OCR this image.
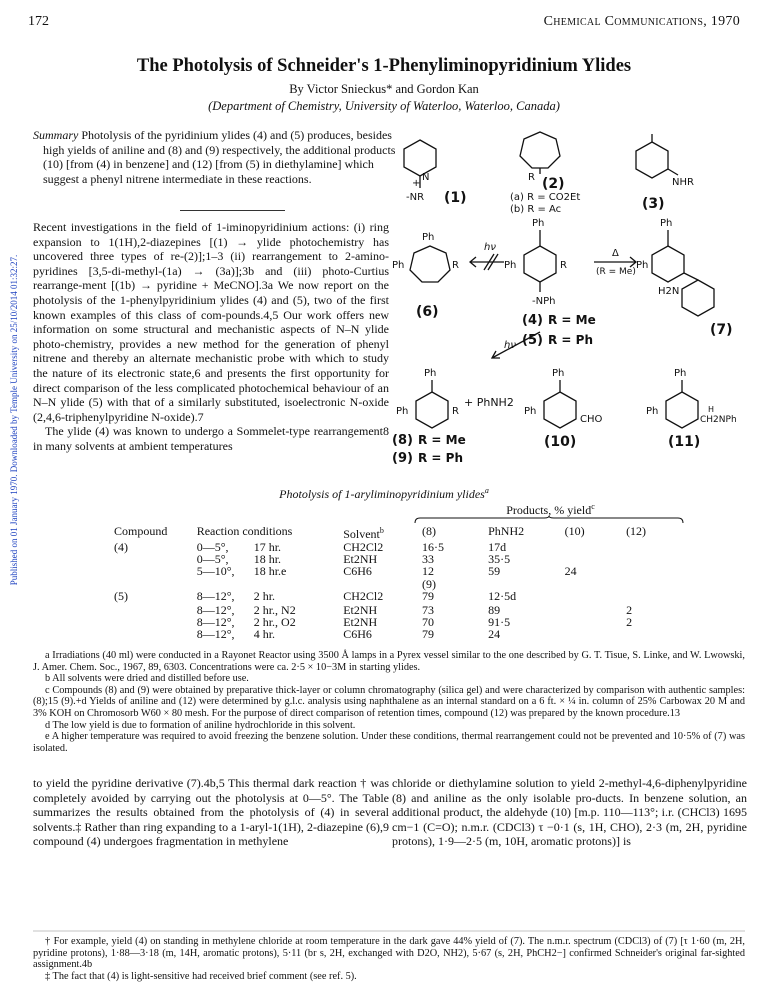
172	Chemical Communications, 1970
Published on 01 January 1970. Downloaded by Temple University on 25/10/2014 01:32:27.
The Photolysis of Schneider's 1-Phenyliminopyridinium Ylides
By Victor Snieckus* and Gordon Kan
(Department of Chemistry, University of Waterloo, Waterloo, Canada)
Summary Photolysis of the pyridinium ylides (4) and (5) produces, besides high yields of aniline and (8) and (9) respectively, the additional products (10) [from (4) in benzene] and (12) [from (5) in diethylamine] which suggest a phenyl nitrene intermediate in these reactions.

Recent investigations in the field of 1-iminopyridinium actions: (i) ring expansion to 1(1H),2-diazepines [(1) → ylide photochemistry has uncovered three types of re-(2)];1–3 (ii) rearrangement to 2-amino-pyridines [3,5-di-methyl-(1a) → (3a)];3b and (iii) photo-Curtius rearrange-ment [(1b) → pyridine + MeCNO].3a We now report on the photolysis of the 1-phenylpyridinium ylides (4) and (5), two of the first known examples of this class of com-pounds.4,5 Our work offers new information on some structural and mechanistic aspects of N–N ylide photo-chemistry, provides a new method for the generation of phenyl nitrene and thereby an alternate mechanistic probe with which to study the nature of its electronic state,6 and presents the first opportunity for direct comparison of the less complicated photochemical behaviour of an N–N ylide (5) with that of a similarly substituted, isoelectronic N-oxide (2,4,6-triphenylpyridine N-oxide).7

The ylide (4) was known to undergo a Sommelet-type rearrangement8 in many solvents at ambient temperatures

+
N
-NR (1)
R (2)
(a) R = CO2Et
(b) R = Ac
NHR
(3)
Ph
Ph	R
(6)
hν
Ph
Ph	R
-NPh
(4) R = Me
(5) R = Ph
Δ
(R = Me)
hν
Ph
Ph
H2N
(7)
Ph
Ph	R
+ PhNH2
(8) R = Me
(9) R = Ph
Ph
Ph
CHO
(10)
Ph
Ph	H
CH2NPh
(11)
Photolysis of 1-aryliminopyridinium ylides$^a$
Products, % yield$^c$
Compound	Reaction conditions		Solvent$^b$	(8)	PhNH2	(10)	(12)
(4)	0—5°,	17 hr.	CH2Cl2	16·5	17d		
	0—5°,	18 hr.	Et2NH	33	35·5		
	5—10°,	18 hr.e	C6H6	12	59	24	
				(9)			
(5)	8—12°,	2 hr.	CH2Cl2	79	12·5d		
	8—12°,	2 hr., N2	Et2NH	73	89		2
	8—12°,	2 hr., O2	Et2NH	70	91·5		2
	8—12°,	4 hr.	C6H6	79	24		

a Irradiations (40 ml) were conducted in a Rayonet Reactor using 3500 Å lamps in a Pyrex vessel similar to the one described by G. T. Tisue, S. Linke, and W. Lwowski, J. Amer. Chem. Soc., 1967, 89, 6303. Concentrations were ca. 2·5 × 10−3M in starting ylides.

b All solvents were dried and distilled before use.

c Compounds (8) and (9) were obtained by preparative thick-layer or column chromatography (silica gel) and were characterized by comparison with authentic samples: (8);15 (9).+d Yields of aniline and (12) were determined by g.l.c. analysis using naphthalene as an internal standard on a 6 ft. × ¼ in. column of 25% Carbowax 20 M and 3% KOH on Chromosorb W60 × 80 mesh. For the purpose of direct comparison of retention times, compound (12) was prepared by the known procedure.13

d The low yield is due to formation of aniline hydrochloride in this solvent.

e A higher temperature was required to avoid freezing the benzene solution. Under these conditions, thermal rearrangement could not be prevented and 10·5% of (7) was isolated.

to yield the pyridine derivative (7).4b,5 This thermal dark reaction † was completely avoided by carrying out the photolysis at 0—5°. The Table summarizes the results obtained from the photolysis of (4) in several solvents.‡ Rather than ring expanding to a 1-aryl-1(1H), 2-diazepine (6),9 compound (4) undergoes fragmentation in methylene
chloride or diethylamine solution to yield 2-methyl-4,6-diphenylpyridine (8) and aniline as the only isolable pro-ducts. In benzene solution, an additional product, the aldehyde (10) [m.p. 110—113°; i.r. (CHCl3) 1695 cm−1 (C=O); n.m.r. (CDCl3) τ −0·1 (s, 1H, CHO), 2·3 (m, 2H, pyridine protons), 1·9—2·5 (m, 10H, aromatic protons)] is

† For example, yield (4) on standing in methylene chloride at room temperature in the dark gave 44% yield of (7). The n.m.r. spectrum (CDCl3) of (7) [τ 1·60 (m, 2H, pyridine protons), 1·88—3·18 (m, 14H, aromatic protons), 5·11 (br s, 2H, exchanged with D2O, NH2), 5·67 (s, 2H, PhCH2−] confirmed Schneider's original far-sighted assignment.4b

‡ The fact that (4) is light-sensitive had received brief comment (see ref. 5).
